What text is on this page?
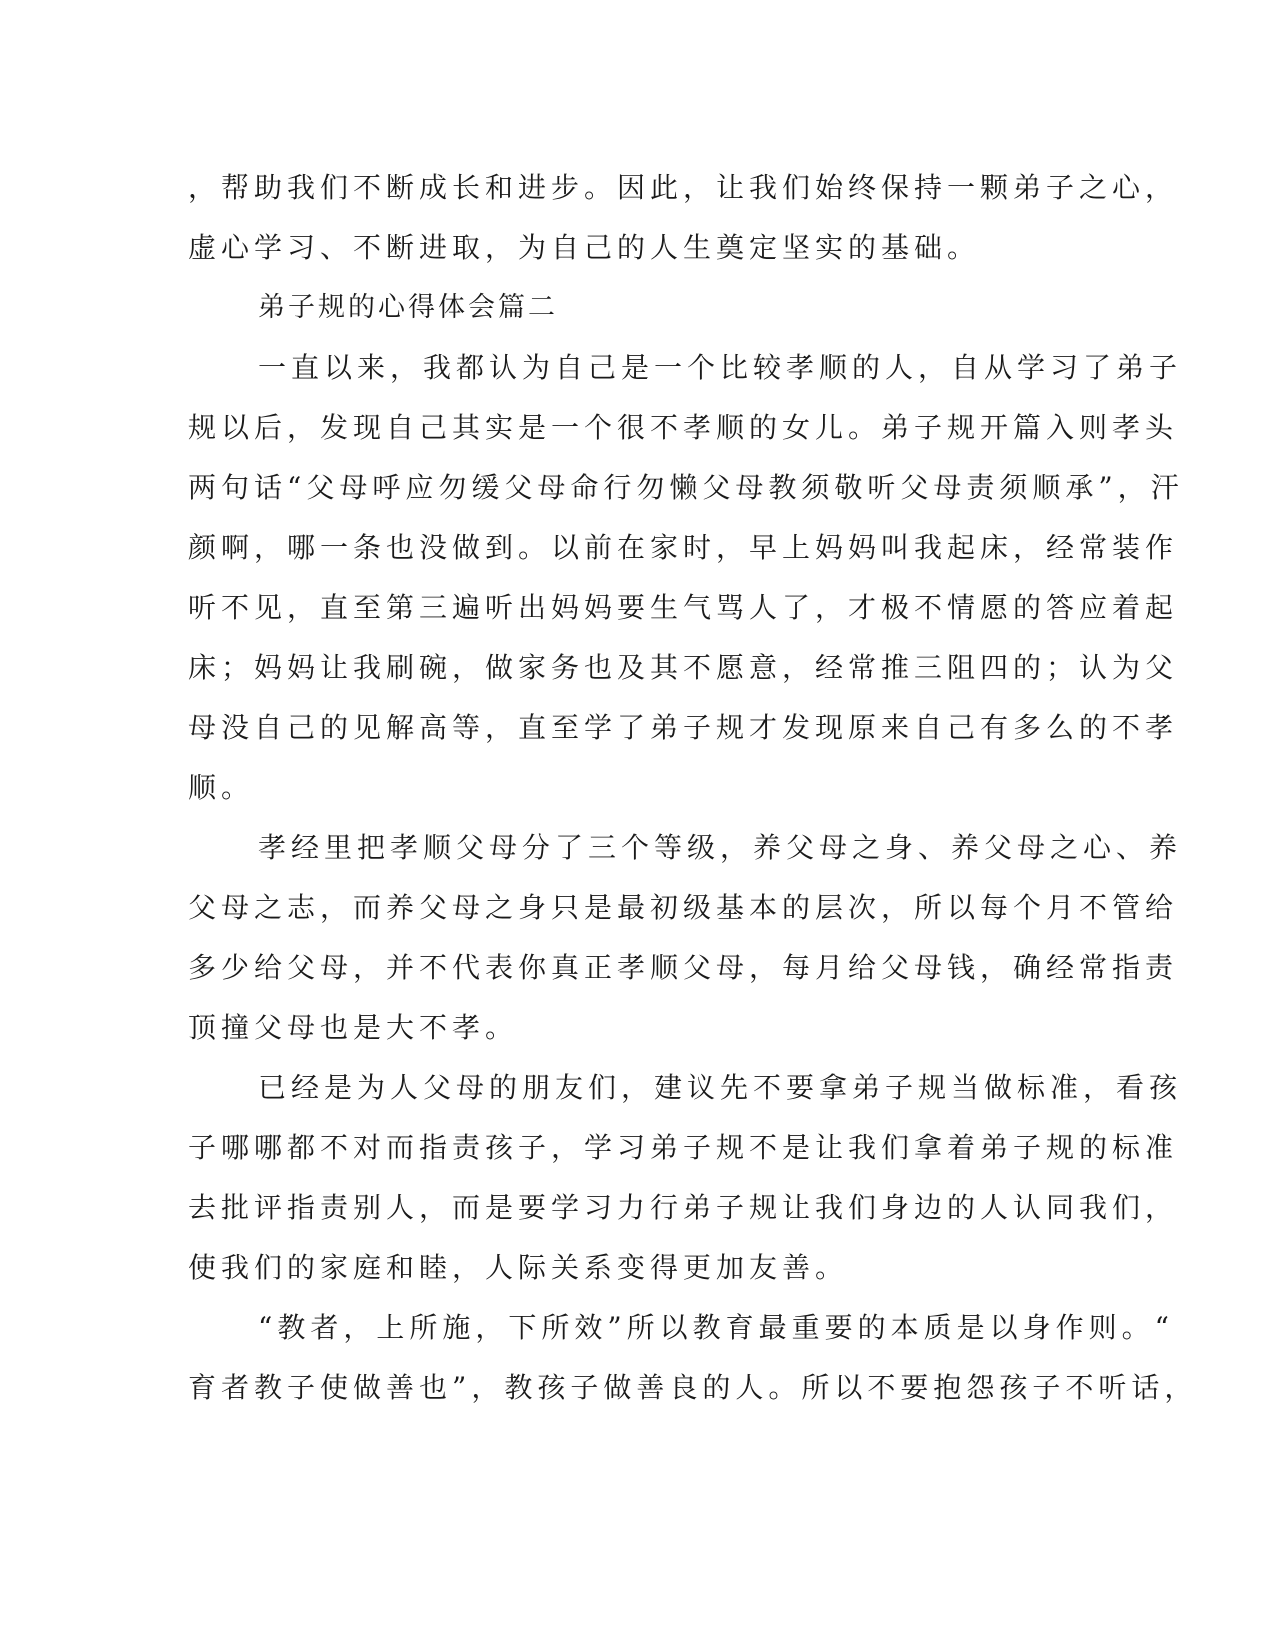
，帮助我们不断成长和进步。因此，让我们始终保持一颗弟子之心，
虚心学习、不断进取，为自己的人生奠定坚实的基础。

弟子规的心得体会篇二

一直以来，我都认为自己是一个比较孝顺的人，自从学习了弟子
规以后，发现自己其实是一个很不孝顺的女儿。弟子规开篇入则孝头
两句话“父母呼应勿缓父母命行勿懒父母教须敬听父母责须顺承”，汗
颜啊，哪一条也没做到。以前在家时，早上妈妈叫我起床，经常装作
听不见，直至第三遍听出妈妈要生气骂人了，才极不情愿的答应着起
床；妈妈让我刷碗，做家务也及其不愿意，经常推三阻四的；认为父
母没自己的见解高等，直至学了弟子规才发现原来自己有多么的不孝
顺。

孝经里把孝顺父母分了三个等级，养父母之身、养父母之心、养
父母之志，而养父母之身只是最初级基本的层次，所以每个月不管给
多少给父母，并不代表你真正孝顺父母，每月给父母钱，确经常指责
顶撞父母也是大不孝。

已经是为人父母的朋友们，建议先不要拿弟子规当做标准，看孩
子哪哪都不对而指责孩子，学习弟子规不是让我们拿着弟子规的标准
去批评指责别人，而是要学习力行弟子规让我们身边的人认同我们，
使我们的家庭和睦，人际关系变得更加友善。

“教者，上所施，下所效”所以教育最重要的本质是以身作则。“
育者教子使做善也”，教孩子做善良的人。所以不要抱怨孩子不听话，
